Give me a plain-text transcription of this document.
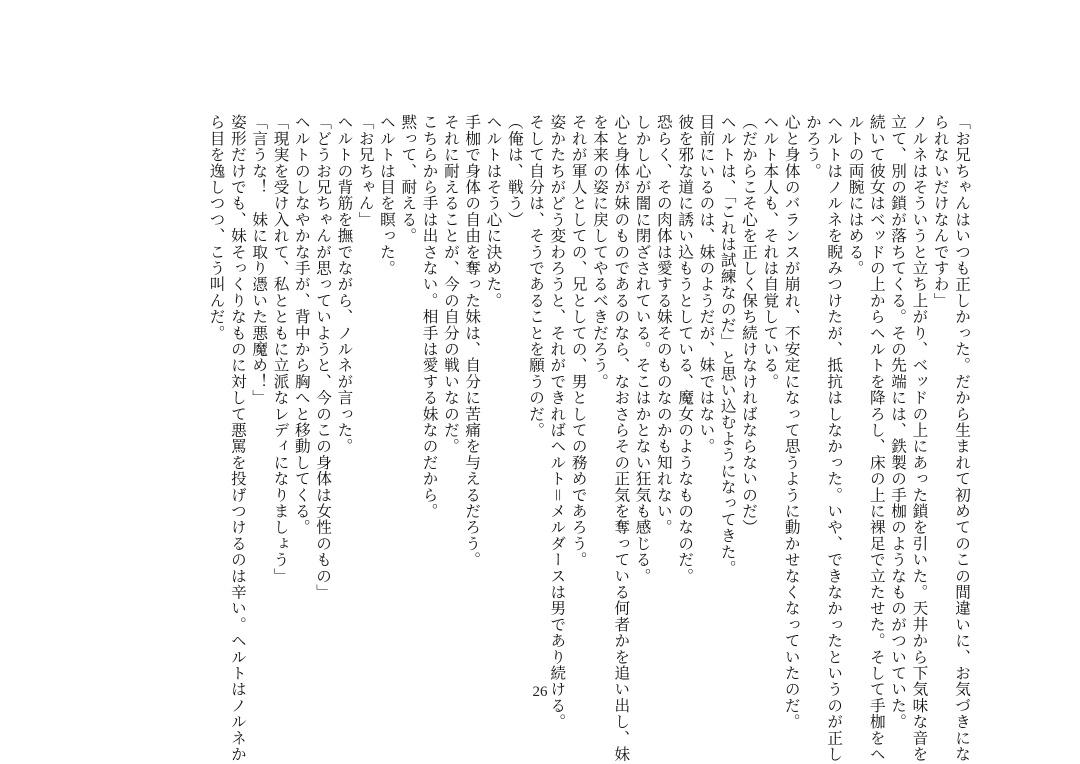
「お兄ちゃんはいつも正しかった。だから生まれて初めてのこの間違いに、お気づきにな

られないだけなんですわ」

ノルネはそういうと立ち上がり、ベッドの上にあった鎖を引いた。天井から下気味な音を

立て、別の鎖が落ちてくる。その先端には、鉄製の手枷のようなものがついていた。

続いて彼女はベッドの上からヘルトを降ろし、床の上に裸足で立たせた。そして手枷をヘ

ルトの両腕にはめる。

ヘルトはノルネを睨みつけたが、抵抗はしなかった。いや、できなかったというのが正し

かろう。

心と身体のバランスが崩れ、不安定になって思うように動かせなくなっていたのだ。

ヘルト本人も、それは自覚している。

（だからこそ心を正しく保ち続けなければならないのだ）

ヘルトは、「これは試練なのだ」と思い込むようになってきた。

目前にいるのは、妹のようだが、妹ではない。

彼を邪な道に誘い込もうとしている、魔女のようなものなのだ。

恐らく、その肉体は愛する妹そのものなのかも知れない。

しかし心が闇に閉ざされている。そこはかとない狂気も感じる。

心と身体が妹のものであるのなら、なおさらその正気を奪っている何者かを追い出し、妹

を本来の姿に戻してやるべきだろう。

それが軍人としての、兄としての、男としての務めであろう。

姿かたちがどう変わろうと、それができればヘルト＝メルダースは男であり続ける。

そして自分は、そうであることを願うのだ。

（俺は、戦う）

ヘルトはそう心に決めた。

手枷で身体の自由を奪った妹は、自分に苦痛を与えるだろう。

それに耐えることが、今の自分の戦いなのだ。

こちらから手は出さない。相手は愛する妹なのだから。

黙って、耐える。

ヘルトは目を瞑った。

「お兄ちゃん」

ヘルトの背筋を撫でながら、ノルネが言った。

「どうお兄ちゃんが思っていようと、今のこの身体は女性のもの」

ヘルトのしなやかな手が、背中から胸へと移動してくる。

「現実を受け入れて、私とともに立派なレディになりましょう」

「言うな！　妹に取り憑いた悪魔め！」

姿形だけでも、妹そっくりなものに対して悪罵を投げつけるのは辛い。ヘルトはノルネか

ら目を逸しつつ、こう叫んだ。

26
